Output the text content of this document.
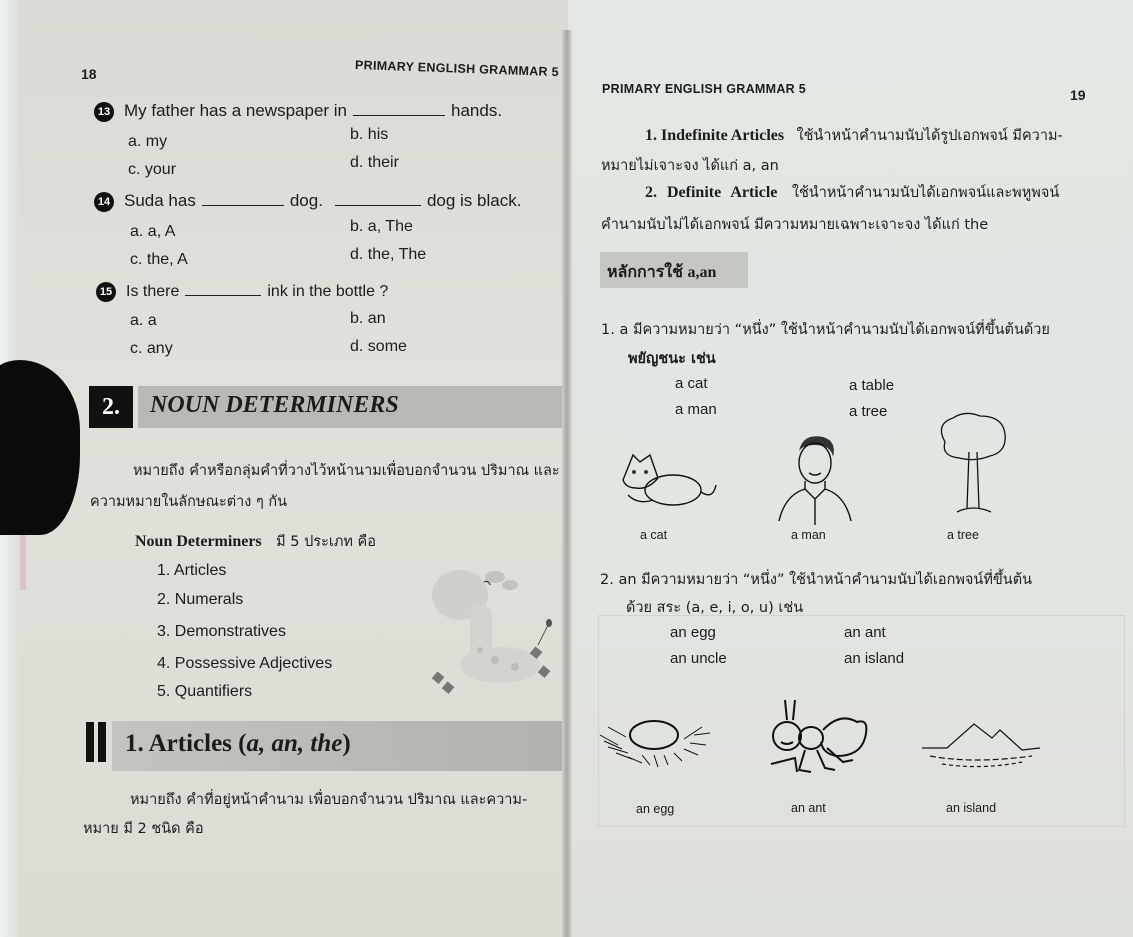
18	PRIMARY ENGLISH GRAMMAR 5
13 My father has a newspaper in	hands.
a. my	b. his
c. your	d. their
14 Suda has	dog.	dog is black.
a. a, A	b. a, The
c. the, A	d. the, The
15 Is there	ink in the bottle ?
a. a	b. an
c. any	d. some
2.	NOUN DETERMINERS
หมายถึง คำหรือกลุ่มคำที่วางไว้หน้านามเพื่อบอกจำนวน ปริมาณ และ
ความหมายในลักษณะต่าง ๆ กัน
Noun Determiners มี 5 ประเภท คือ
1. Articles
2. Numerals
3. Demonstratives
4. Possessive Adjectives
5. Quantifiers
1. Articles (a, an, the)
หมายถึง คำที่อยู่หน้าคำนาม เพื่อบอกจำนวน ปริมาณ และความ-
หมาย มี 2 ชนิด คือ
PRIMARY ENGLISH GRAMMAR 5	19
1. Indefinite Articles ใช้นำหน้าคำนามนับได้รูปเอกพจน์ มีความ-
หมายไม่เจาะจง ได้แก่ a, an
2. Definite Article ใช้นำหน้าคำนามนับได้เอกพจน์และพหูพจน์
คำนามนับไม่ได้เอกพจน์ มีความหมายเฉพาะเจาะจง ได้แก่ the
หลักการใช้ a,an
1. a มีความหมายว่า “หนึ่ง” ใช้นำหน้าคำนามนับได้เอกพจน์ที่ขึ้นต้นด้วย
พยัญชนะ เช่น
a cat	a table
a man	a tree
a cat	a man	a tree
2. an มีความหมายว่า “หนึ่ง” ใช้นำหน้าคำนามนับได้เอกพจน์ที่ขึ้นต้น
ด้วย สระ (a, e, i, o, u) เช่น
an egg	an ant
an uncle	an island
an egg	an ant	an island
